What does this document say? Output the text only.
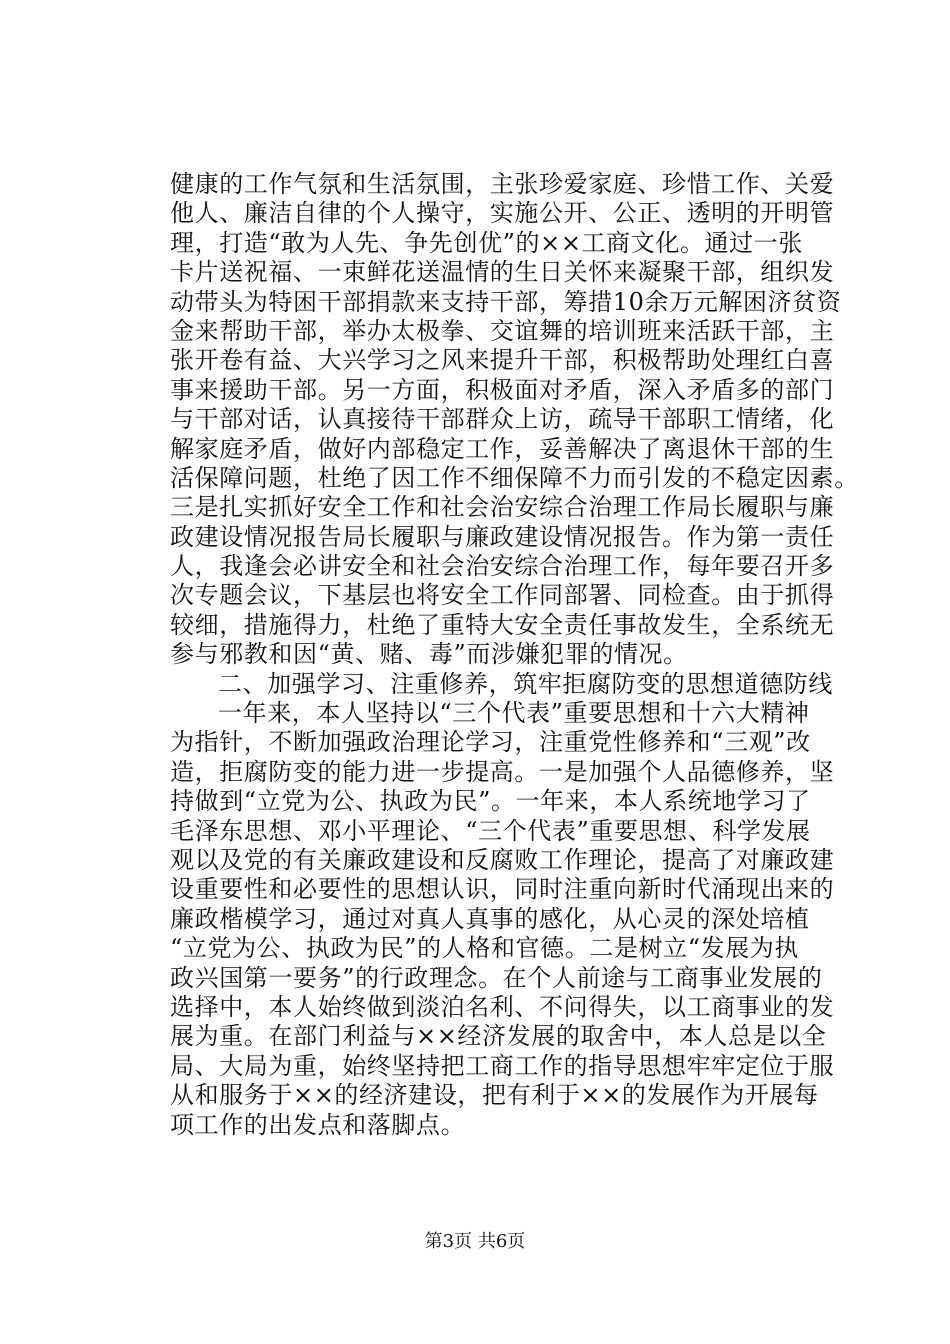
健康的工作气氛和生活氛围，主张珍爱家庭、珍惜工作、关爱
他人、廉洁自律的个人操守，实施公开、公正、透明的开明管
理，打造“敢为人先、争先创优”的××工商文化。通过一张
卡片送祝福、一束鲜花送温情的生日关怀来凝聚干部，组织发
动带头为特困干部捐款来支持干部，筹措10余万元解困济贫资
金来帮助干部，举办太极拳、交谊舞的培训班来活跃干部，主
张开卷有益、大兴学习之风来提升干部，积极帮助处理红白喜
事来援助干部。另一方面，积极面对矛盾，深入矛盾多的部门
与干部对话，认真接待干部群众上访，疏导干部职工情绪，化
解家庭矛盾，做好内部稳定工作，妥善解决了离退休干部的生
活保障问题，杜绝了因工作不细保障不力而引发的不稳定因素。
三是扎实抓好安全工作和社会治安综合治理工作局长履职与廉
政建设情况报告局长履职与廉政建设情况报告。作为第一责任
人，我逢会必讲安全和社会治安综合治理工作，每年要召开多
次专题会议，下基层也将安全工作同部署、同检查。由于抓得
较细，措施得力，杜绝了重特大安全责任事故发生，全系统无
参与邪教和因“黄、赌、毒”而涉嫌犯罪的情况。
二、加强学习、注重修养，筑牢拒腐防变的思想道德防线
一年来，本人坚持以“三个代表”重要思想和十六大精神
为指针，不断加强政治理论学习，注重党性修养和“三观”改
造，拒腐防变的能力进一步提高。一是加强个人品德修养，坚
持做到“立党为公、执政为民”。一年来，本人系统地学习了
毛泽东思想、邓小平理论、“三个代表”重要思想、科学发展
观以及党的有关廉政建设和反腐败工作理论，提高了对廉政建
设重要性和必要性的思想认识，同时注重向新时代涌现出来的
廉政楷模学习，通过对真人真事的感化，从心灵的深处培植
“立党为公、执政为民”的人格和官德。二是树立“发展为执
政兴国第一要务”的行政理念。在个人前途与工商事业发展的
选择中，本人始终做到淡泊名利、不问得失，以工商事业的发
展为重。在部门利益与××经济发展的取舍中，本人总是以全
局、大局为重，始终坚持把工商工作的指导思想牢牢定位于服
从和服务于××的经济建设，把有利于××的发展作为开展每
项工作的出发点和落脚点。
第3页 共6页
